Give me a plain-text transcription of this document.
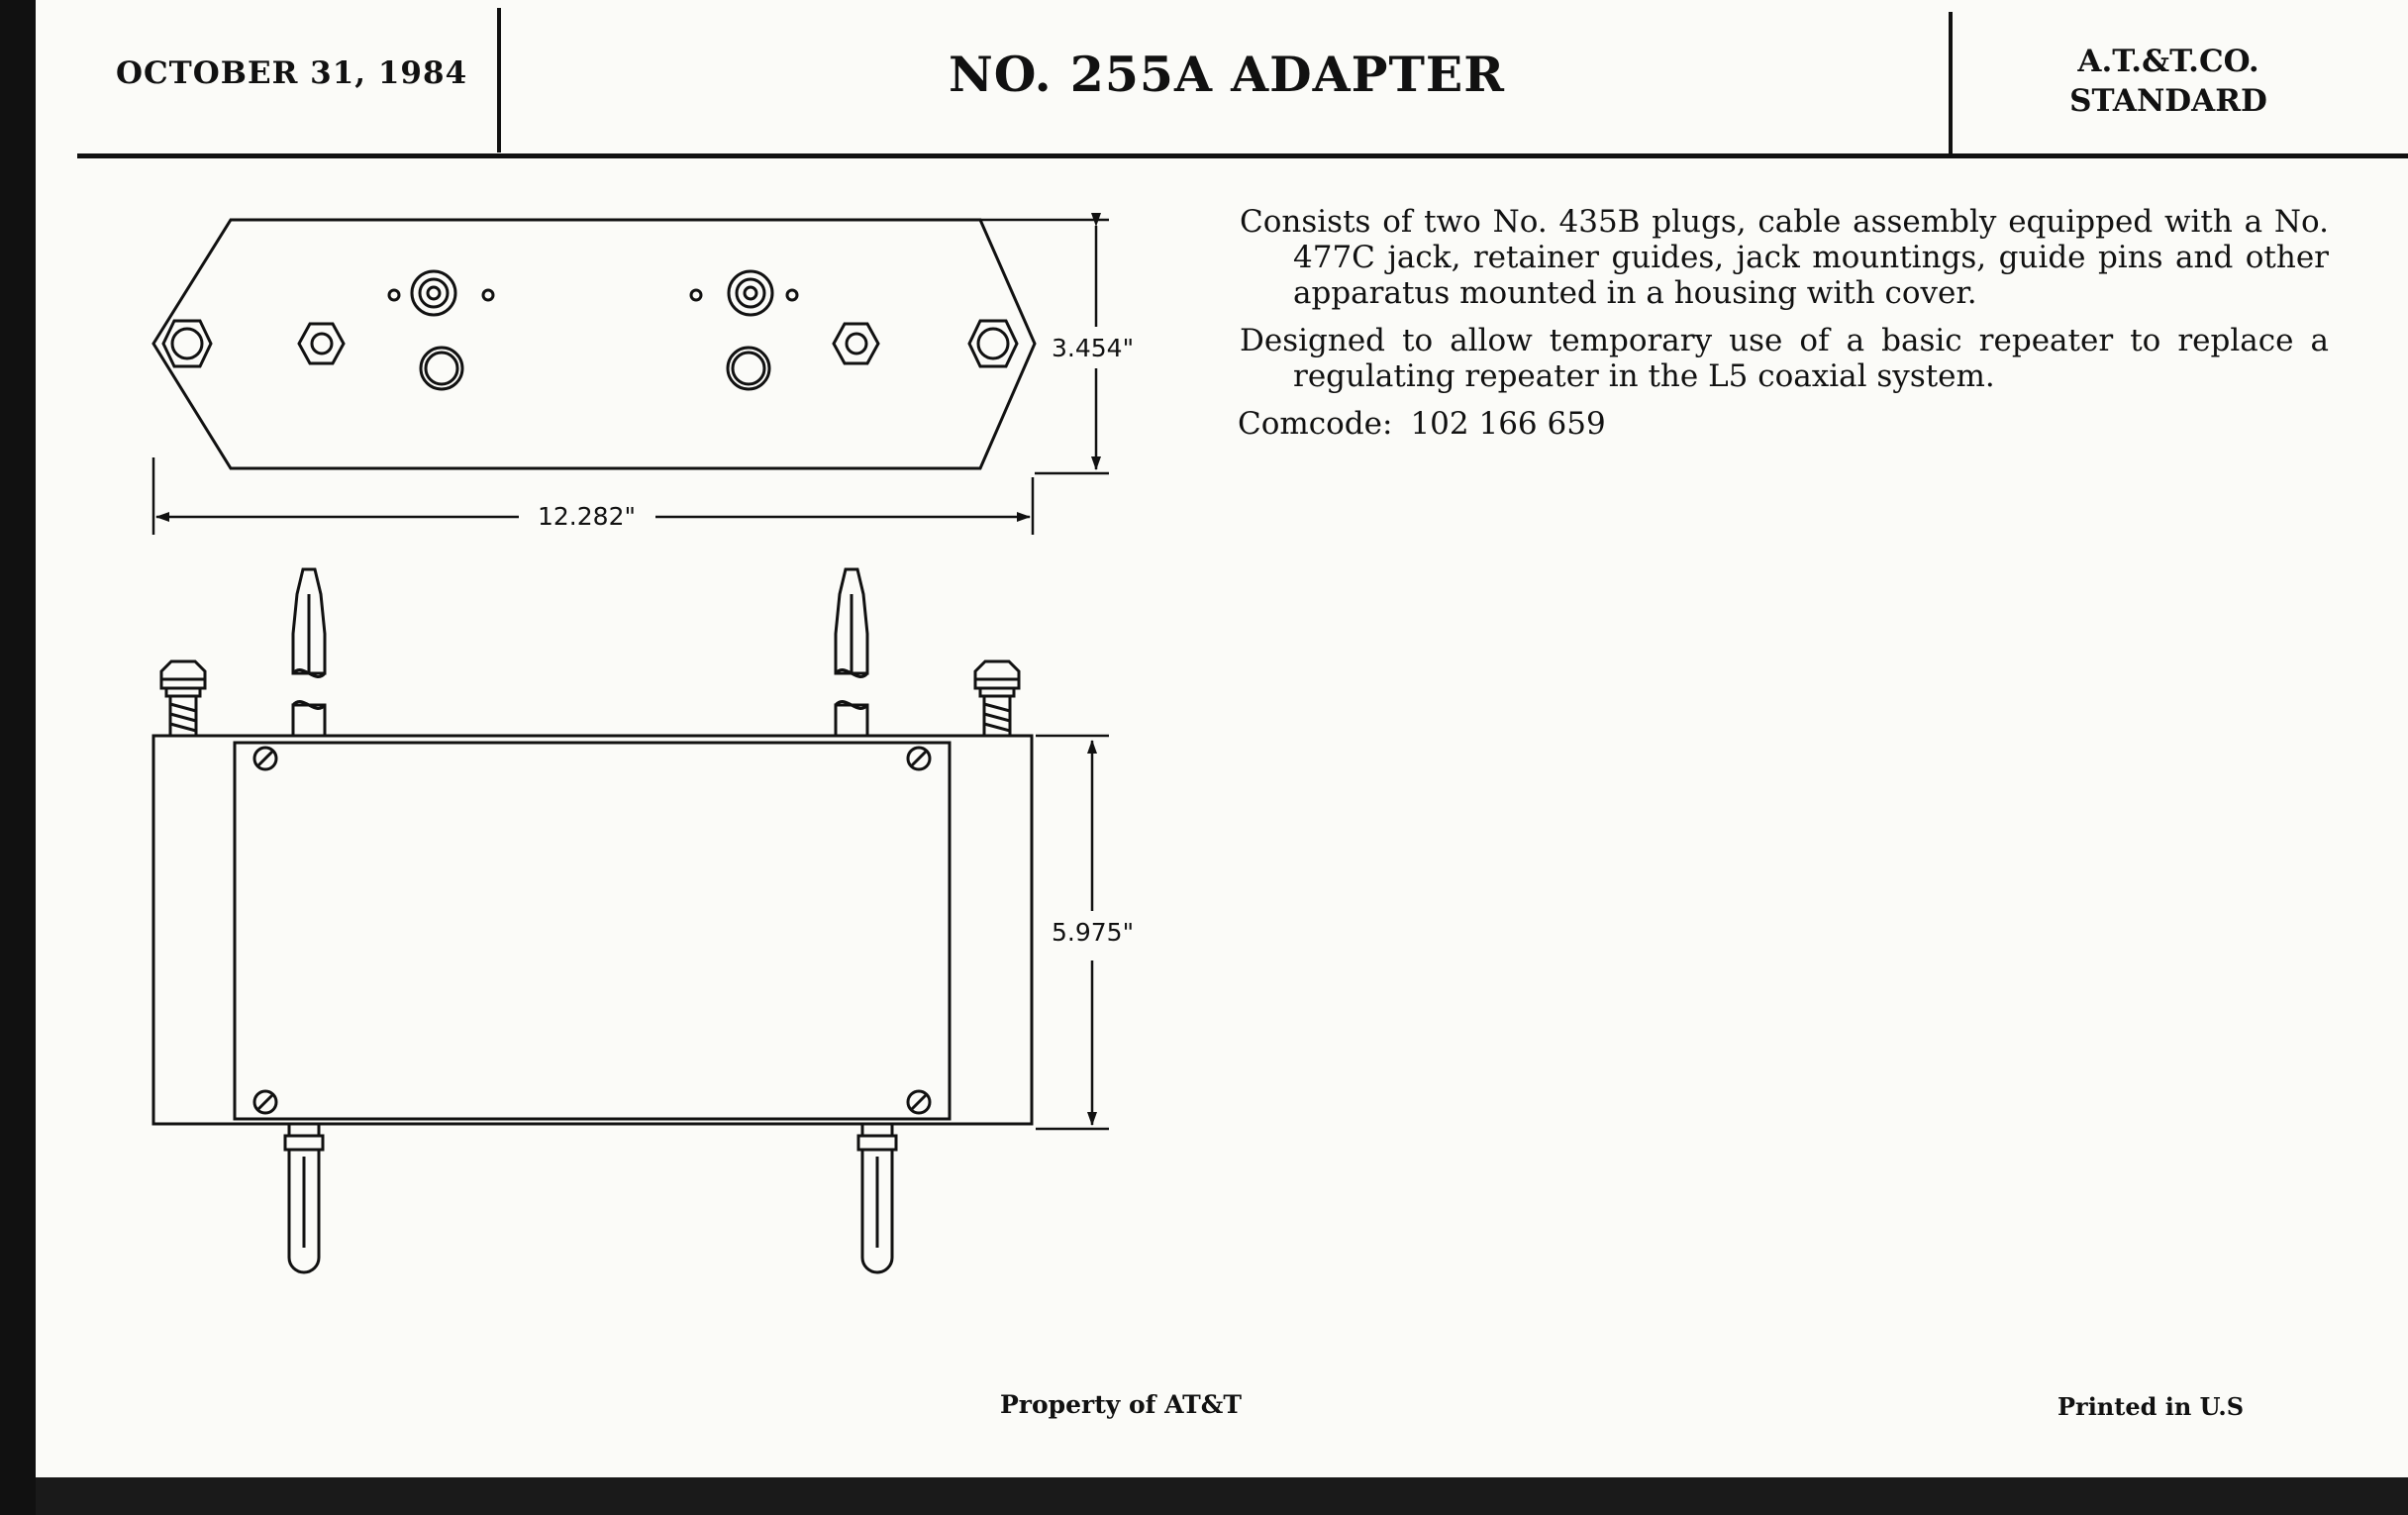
OCTOBER 31, 1984	NO. 255A ADAPTER	A.T.&T.CO.
STANDARD
3.454"
12.282"
5.975"

Consists of two No. 435B plugs, cable assembly equipped with a No. 477C jack, retainer guides, jack mountings, guide pins and other apparatus mounted in a housing with cover.

Designed to allow temporary use of a basic repeater to replace a regulating repeater in the L5 coaxial system.

Comcode: 102 166 659
Property of AT&T	Printed in U.S
